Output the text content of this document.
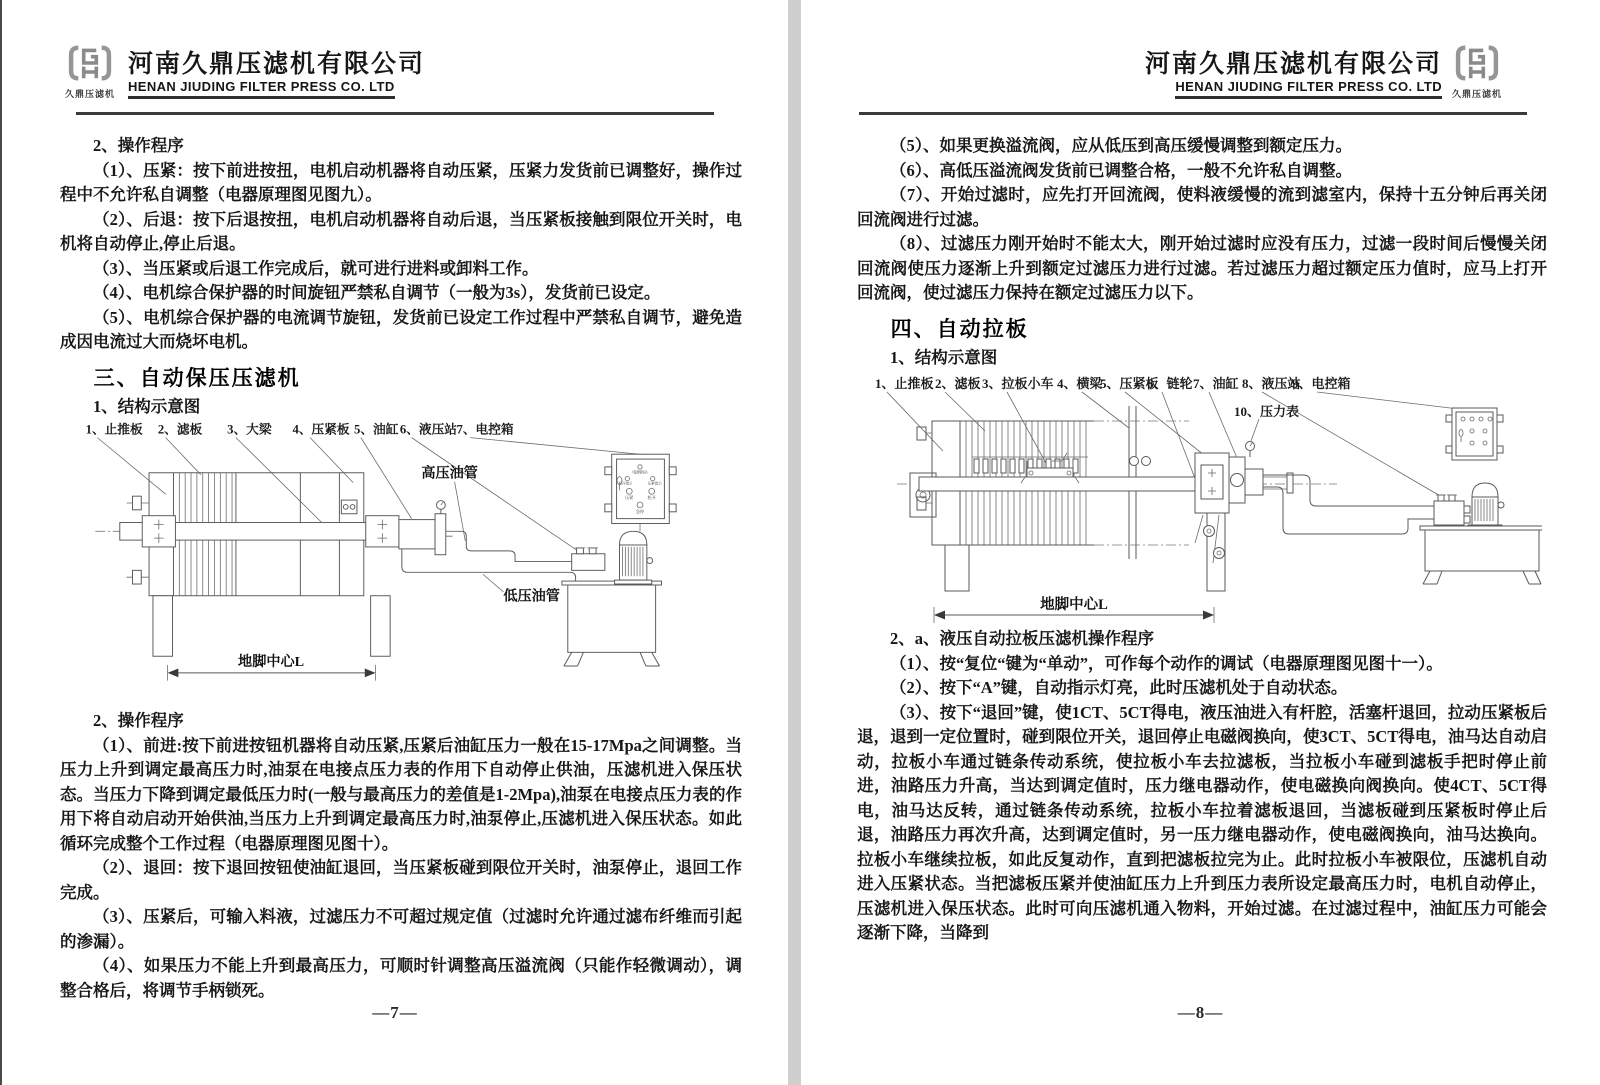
久鼎压滤机
河南久鼎压滤机有限公司
HENAN JIUDING FILTER PRESS CO. LTD

2、操作程序

（1）、压紧：按下前进按扭，电机启动机器将自动压紧，压紧力发货前已调整好，操作过程中不允许私自调整（电器原理图见图九）。

（2）、后退：按下后退按扭，电机启动机器将自动后退，当压紧板接触到限位开关时，电机将自动停止,停止后退。

（3）、当压紧或后退工作完成后，就可进行进料或卸料工作。

（4）、电机综合保护器的时间旋钮严禁私自调节（一般为3s），发货前已设定。

（5）、电机综合保护器的电流调节旋钮，发货前已设定工作过程中严禁私自调节，避免造成因电流过大而烧坏电机。

三、自动保压压滤机

1、结构示意图

1、止推板 2、滤板 3、大梁 4、压紧板 5、油缸 6、液压站 7、电控箱
电源指示
松开指示	压紧指示
压紧	松开
急停
高压油管
低压油管
地脚中心L

2、操作程序

（1）、前进:按下前进按钮机器将自动压紧,压紧后油缸压力一般在15-17Mpa之间调整。当压力上升到调定最高压力时,油泵在电接点压力表的作用下自动停止供油，压滤机进入保压状态。当压力下降到调定最低压力时(一般与最高压力的差值是1-2Mpa),油泵在电接点压力表的作用下将自动启动开始供油,当压力上升到调定最高压力时,油泵停止,压滤机进入保压状态。如此循环完成整个工作过程（电器原理图见图十）。

（2）、退回：按下退回按钮使油缸退回，当压紧板碰到限位开关时，油泵停止，退回工作完成。

（3）、压紧后，可输入料液，过滤压力不可超过规定值（过滤时允许通过滤布纤维而引起的渗漏）。

（4）、如果压力不能上升到最高压力，可顺时针调整高压溢流阀（只能作轻微调动），调整合格后，将调节手柄锁死。

—7—
河南久鼎压滤机有限公司
HENAN JIUDING FILTER PRESS CO. LTD	久鼎压滤机

（5）、如果更换溢流阀，应从低压到高压缓慢调整到额定压力。

（6）、高低压溢流阀发货前已调整合格，一般不允许私自调整。

（7）、开始过滤时，应先打开回流阀，使料液缓慢的流到滤室内，保持十五分钟后再关闭回流阀进行过滤。

（8）、过滤压力刚开始时不能太大，刚开始过滤时应没有压力，过滤一段时间后慢慢关闭回流阀使压力逐渐上升到额定过滤压力进行过滤。若过滤压力超过额定压力值时，应马上打开回流阀，使过滤压力保持在额定过滤压力以下。

四、自动拉板

1、结构示意图

1、止推板 2、滤板 3、拉板小车 4、横梁
5、压紧板
6、链轮 7、油缸 8、液压站
9、电控箱
10、压力表
地脚中心L

2、a、液压自动拉板压滤机操作程序

（1）、按“复位“键为“单动”，可作每个动作的调试（电器原理图见图十一）。

（2）、按下“A”键，自动指示灯亮，此时压滤机处于自动状态。

（3）、按下“退回”键，使1CT、5CT得电，液压油进入有杆腔，活塞杆退回，拉动压紧板后退，退到一定位置时，碰到限位开关，退回停止电磁阀换向，使3CT、5CT得电，油马达自动启动，拉板小车通过链条传动系统，使拉板小车去拉滤板，当拉板小车碰到滤板手把时停止前进，油路压力升高，当达到调定值时，压力继电器动作，使电磁换向阀换向。使4CT、5CT得电，油马达反转，通过链条传动系统，拉板小车拉着滤板退回，当滤板碰到压紧板时停止后退，油路压力再次升高，达到调定值时，另一压力继电器动作，使电磁阀换向，油马达换向。拉板小车继续拉板，如此反复动作，直到把滤板拉完为止。此时拉板小车被限位，压滤机自动进入压紧状态。当把滤板压紧并使油缸压力上升到压力表所设定最高压力时，电机自动停止，压滤机进入保压状态。此时可向压滤机通入物料，开始过滤。在过滤过程中，油缸压力可能会逐渐下降，当降到

—8—
